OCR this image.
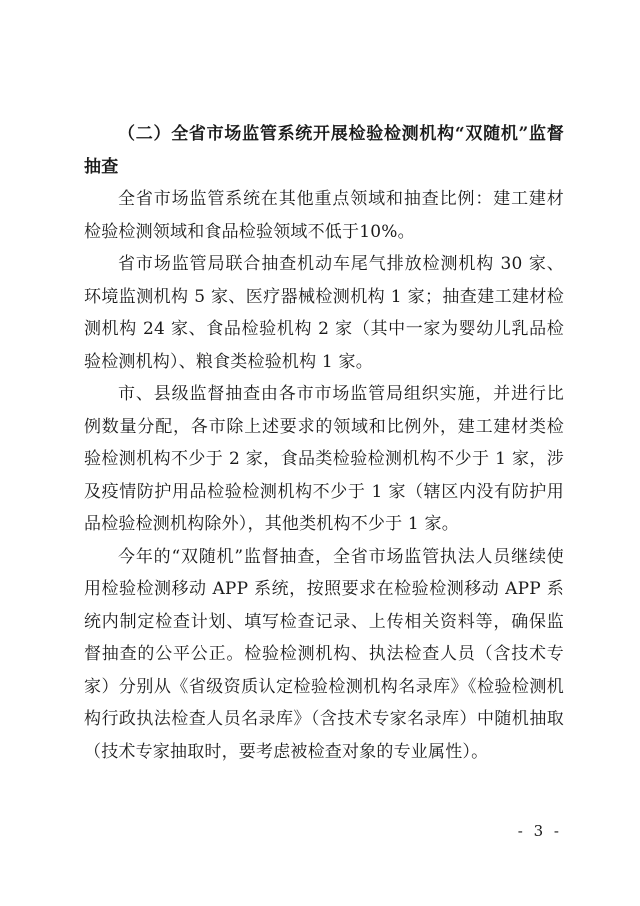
（二）全省市场监管系统开展检验检测机构“双随机”监督抽查

全省市场监管系统在其他重点领域和抽查比例：建工建材检验检测领域和食品检验领域不低于10%。

省市场监管局联合抽查机动车尾气排放检测机构 30 家、环境监测机构 5 家、医疗器械检测机构 1 家；抽查建工建材检测机构 24 家、食品检验机构 2 家（其中一家为婴幼儿乳品检验检测机构）、粮食类检验机构 1 家。

市、县级监督抽查由各市市场监管局组织实施，并进行比例数量分配，各市除上述要求的领域和比例外，建工建材类检验检测机构不少于 2 家，食品类检验检测机构不少于 1 家，涉及疫情防护用品检验检测机构不少于 1 家（辖区内没有防护用品检验检测机构除外），其他类机构不少于 1 家。

今年的“双随机”监督抽查，全省市场监管执法人员继续使用检验检测移动 APP 系统，按照要求在检验检测移动 APP 系统内制定检查计划、填写检查记录、上传相关资料等，确保监督抽查的公平公正。检验检测机构、执法检查人员（含技术专家）分别从《省级资质认定检验检测机构名录库》《检验检测机构行政执法检查人员名录库》（含技术专家名录库）中随机抽取（技术专家抽取时，要考虑被检查对象的专业属性）。

- 3 -
